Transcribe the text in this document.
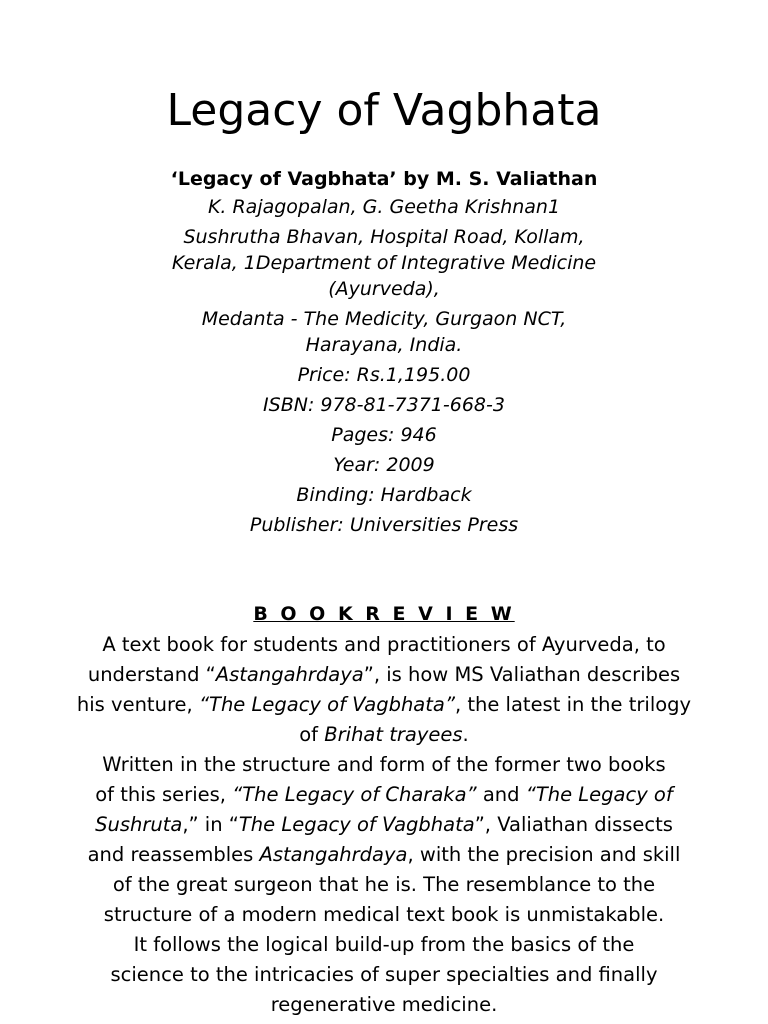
Legacy of Vagbhata
‘Legacy of Vagbhata’ by M. S. Valiathan
K. Rajagopalan, G. Geetha Krishnan1
Sushrutha Bhavan, Hospital Road, Kollam,
Kerala, 1Department of Integrative Medicine
(Ayurveda),
Medanta - The Medicity, Gurgaon NCT,
Harayana, India.
Price: Rs.1,195.00
ISBN: 978-81-7371-668-3
Pages: 946
Year: 2009
Binding: Hardback
Publisher: Universities Press
B O O K R E V I E W
A text book for students and practitioners of Ayurveda, to
understand “Astangahrdaya”, is how MS Valiathan describes
his venture, “The Legacy of Vagbhata”, the latest in the trilogy
of Brihat trayees.
Written in the structure and form of the former two books
of this series, “The Legacy of Charaka” and “The Legacy of
Sushruta,” in “The Legacy of Vagbhata”, Valiathan dissects
and reassembles Astangahrdaya, with the precision and skill
of the great surgeon that he is. The resemblance to the
structure of a modern medical text book is unmistakable.
It follows the logical build-up from the basics of the
science to the intricacies of super specialties and finally
regenerative medicine.
